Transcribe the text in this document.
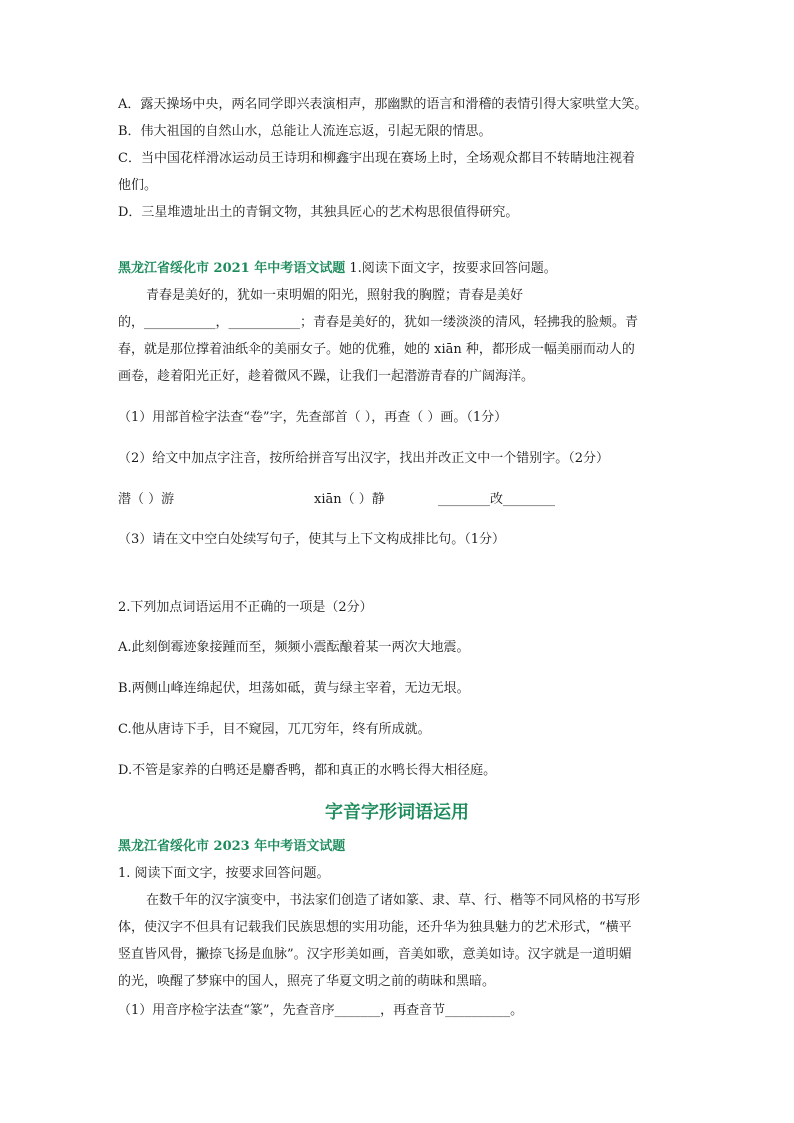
A．露天操场中央，两名同学即兴表演相声，那幽默的语言和滑稽的表情引得大家哄堂大笑。
B．伟大祖国的自然山水，总能让人流连忘返，引起无限的情思。
C．当中国花样滑冰运动员王诗玥和柳鑫宇出现在赛场上时，全场观众都目不转睛地注视着
他们。
D．三星堆遗址出土的青铜文物，其独具匠心的艺术构思很值得研究。
黑龙江省绥化市 2021 年中考语文试题 1.阅读下面文字，按要求回答问题。
青春是美好的，犹如一束明媚的阳光，照射我的胸膛；青春是美好
的，___________，___________；青春是美好的，犹如一缕淡淡的清风，轻拂我的脸颊。青
春，就是那位撑着油纸伞的美丽女子。她的优雅，她的 xiān 种，都形成一幅美丽而动人的
画卷，趁着阳光正好，趁着微风不躁，让我们一起潜游青春的广阔海洋。
（1）用部首检字法查“卷”字，先查部首（ ），再查（ ）画。（1分）
（2）给文中加点字注音，按所给拼音写出汉字，找出并改正文中一个错别字。（2分）
潜（ ）游	xiān（ ）静	________改________
（3）请在文中空白处续写句子，使其与上下文构成排比句。（1分）
2.下列加点词语运用不正确的一项是（2分）
A.此刻倒霉迹象接踵而至，频频小震酝酿着某一两次大地震。
B.两侧山峰连绵起伏，坦荡如砥，黄与绿主宰着，无边无垠。
C.他从唐诗下手，目不窥园，兀兀穷年，终有所成就。
D.不管是家养的白鸭还是麝香鸭，都和真正的水鸭长得大相径庭。
字音字形词语运用
黑龙江省绥化市 2023 年中考语文试题
1. 阅读下面文字，按要求回答问题。
在数千年的汉字演变中，书法家们创造了诸如篆、隶、草、行、楷等不同风格的书写形
体，使汉字不但具有记载我们民族思想的实用功能，还升华为独具魅力的艺术形式，“横平
竖直皆风骨，撇捺飞扬是血脉”。汉字形美如画，音美如歌，意美如诗。汉字就是一道明媚
的光，唤醒了梦寐中的国人，照亮了华夏文明之前的萌昧和黑暗。
（1）用音序检字法查“篆”，先查音序_______，再查音节__________。
